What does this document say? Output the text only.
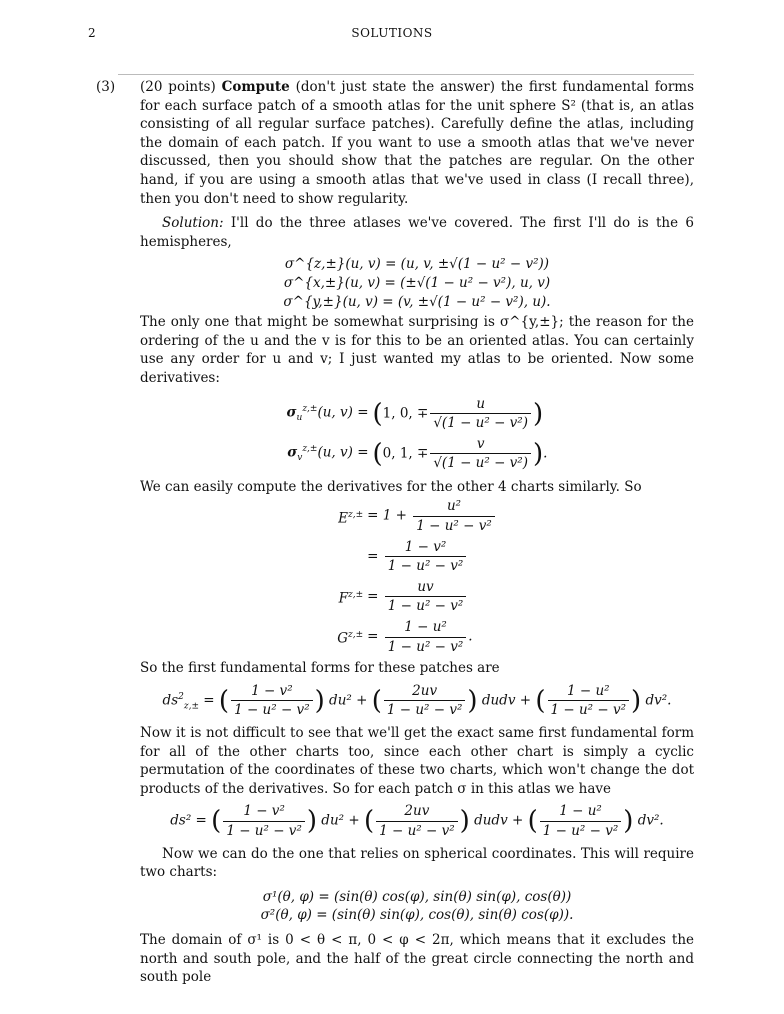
2	SOLUTIONS

(3) (20 points) Compute (don't just state the answer) the first fundamental forms for each surface patch of a smooth atlas for the unit sphere S² (that is, an atlas consisting of all regular surface patches). Carefully define the atlas, including the domain of each patch. If you want to use a smooth atlas that we've never discussed, then you should show that the patches are regular. On the other hand, if you are using a smooth atlas that we've used in class (I recall three), then you don't need to show regularity.

Solution: I'll do the three atlases we've covered. The first I'll do is the 6 hemispheres,

σ^{z,±}(u, v) = (u, v, ±√(1 − u² − v²))
σ^{x,±}(u, v) = (±√(1 − u² − v²), u, v)
σ^{y,±}(u, v) = (v, ±√(1 − u² − v²), u).

The only one that might be somewhat surprising is σ^{y,±}; the reason for the ordering of the u and the v is for this to be an oriented atlas. You can certainly use any order for u and v; I just wanted my atlas to be oriented. Now some derivatives:

$\sigma_u^{z,\pm}(u$, v) =	(1, 0, ∓ $\frac{u}{\text{√(1 − u² − v²)}}$ )
$\sigma_v^{z,\pm}(u$, v) =	(0, 1, ∓ $\frac{v}{\text{√(1 − u² − v²)}}$ ).

We can easily compute the derivatives for the other 4 charts similarly. So

$E^{z,\pm}$	= $1 + \frac{\text{u²}}{\text{1 − u² − v²}}$

	= $\frac{\text{1 − v²}}{\text{1 − u² − v²}}$

$F^{z,\pm}$	= $\frac{uv}{\text{1 − u² − v²}}$

$G^{z,\pm}$	= $\frac{\text{1 − u²}}{\text{1 − u² − v²}}$ .

So the first fundamental forms for these patches are

$ds^2_{z,\pm}$ = ( $\frac{\text{1 − v²}}{\text{1 − u² − v²}}$ ) du² + ( $\frac{2uv}{\text{1 − u² − v²}}$ ) dudv + ( $\frac{\text{1 − u²}}{\text{1 − u² − v²}}$ ) dv².

Now it is not difficult to see that we'll get the exact same first fundamental form for all of the other charts too, since each other chart is simply a cyclic permutation of the coordinates of these two charts, which won't change the dot products of the derivatives. So for each patch σ in this atlas we have

ds² = ( $\frac{\text{1 − v²}}{\text{1 − u² − v²}}$ ) du² + ( $\frac{2uv}{\text{1 − u² − v²}}$ ) dudv + ( $\frac{\text{1 − u²}}{\text{1 − u² − v²}}$ ) dv².

Now we can do the one that relies on spherical coordinates. This will require two charts:

σ¹(θ, φ) = (sin(θ) cos(φ), sin(θ) sin(φ), cos(θ))
σ²(θ, φ) = (sin(θ) sin(φ), cos(θ), sin(θ) cos(φ)).

The domain of σ¹ is 0 < θ < π, 0 < φ < 2π, which means that it excludes the north and south pole, and the half of the great circle connecting the north and south pole
